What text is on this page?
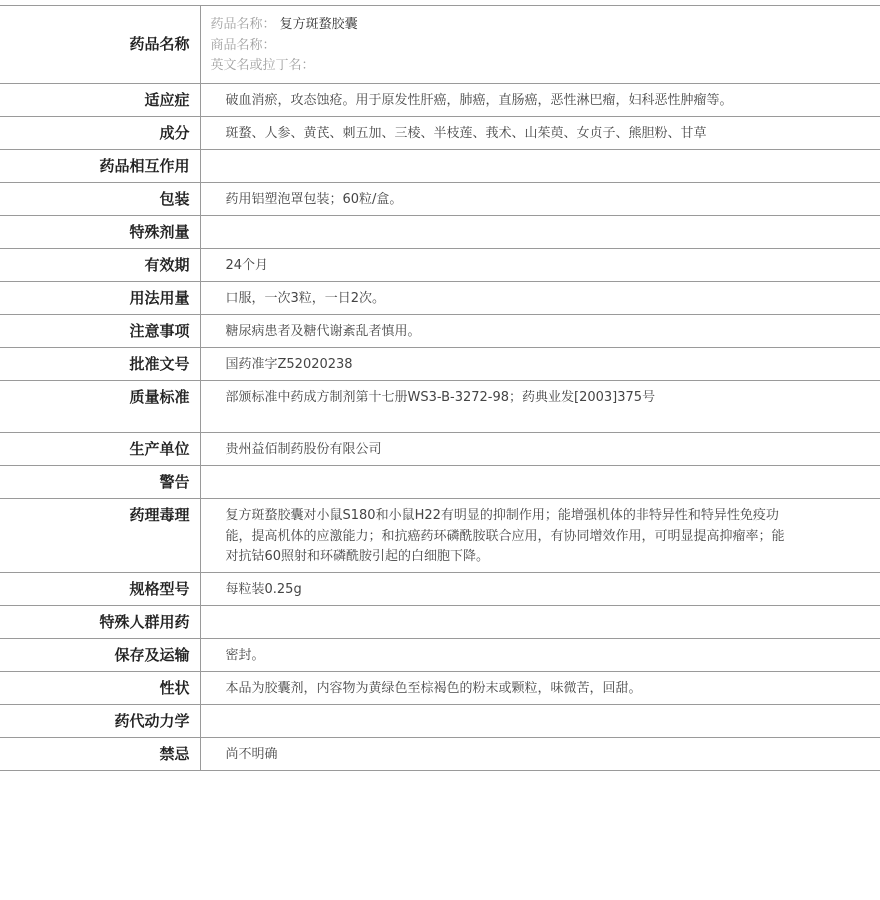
药品名称	药品名称： 复方斑蝥胶囊
商品名称：
英文名或拉丁名：

适应症	破血消瘀，攻态蚀疮。用于原发性肝癌，肺癌，直肠癌，恶性淋巴瘤，妇科恶性肿瘤等。
成分	斑蝥、人参、黄芪、刺五加、三棱、半枝莲、莪术、山茱萸、女贞子、熊胆粉、甘草
药品相互作用	
包装	药用铝塑泡罩包装；60粒/盒。
特殊剂量	
有效期	24个月
用法用量	口服，一次3粒，一日2次。
注意事项	糖尿病患者及糖代谢紊乱者慎用。
批准文号	国药准字Z52020238
质量标准	部颁标准中药成方制剂第十七册WS3-B-3272-98；药典业发[2003]375号
生产单位	贵州益佰制药股份有限公司
警告	
药理毒理	复方斑蝥胶囊对小鼠S180和小鼠H22有明显的抑制作用；能增强机体的非特异性和特异性免疫功能，提高机体的应激能力；和抗癌药环磷酰胺联合应用，有协同增效作用，可明显提高抑瘤率；能对抗钴60照射和环磷酰胺引起的白细胞下降。
规格型号	每粒装0.25g
特殊人群用药	
保存及运输	密封。
性状	本品为胶囊剂，内容物为黄绿色至棕褐色的粉末或颗粒，味微苦，回甜。
药代动力学	
禁忌	尚不明确
